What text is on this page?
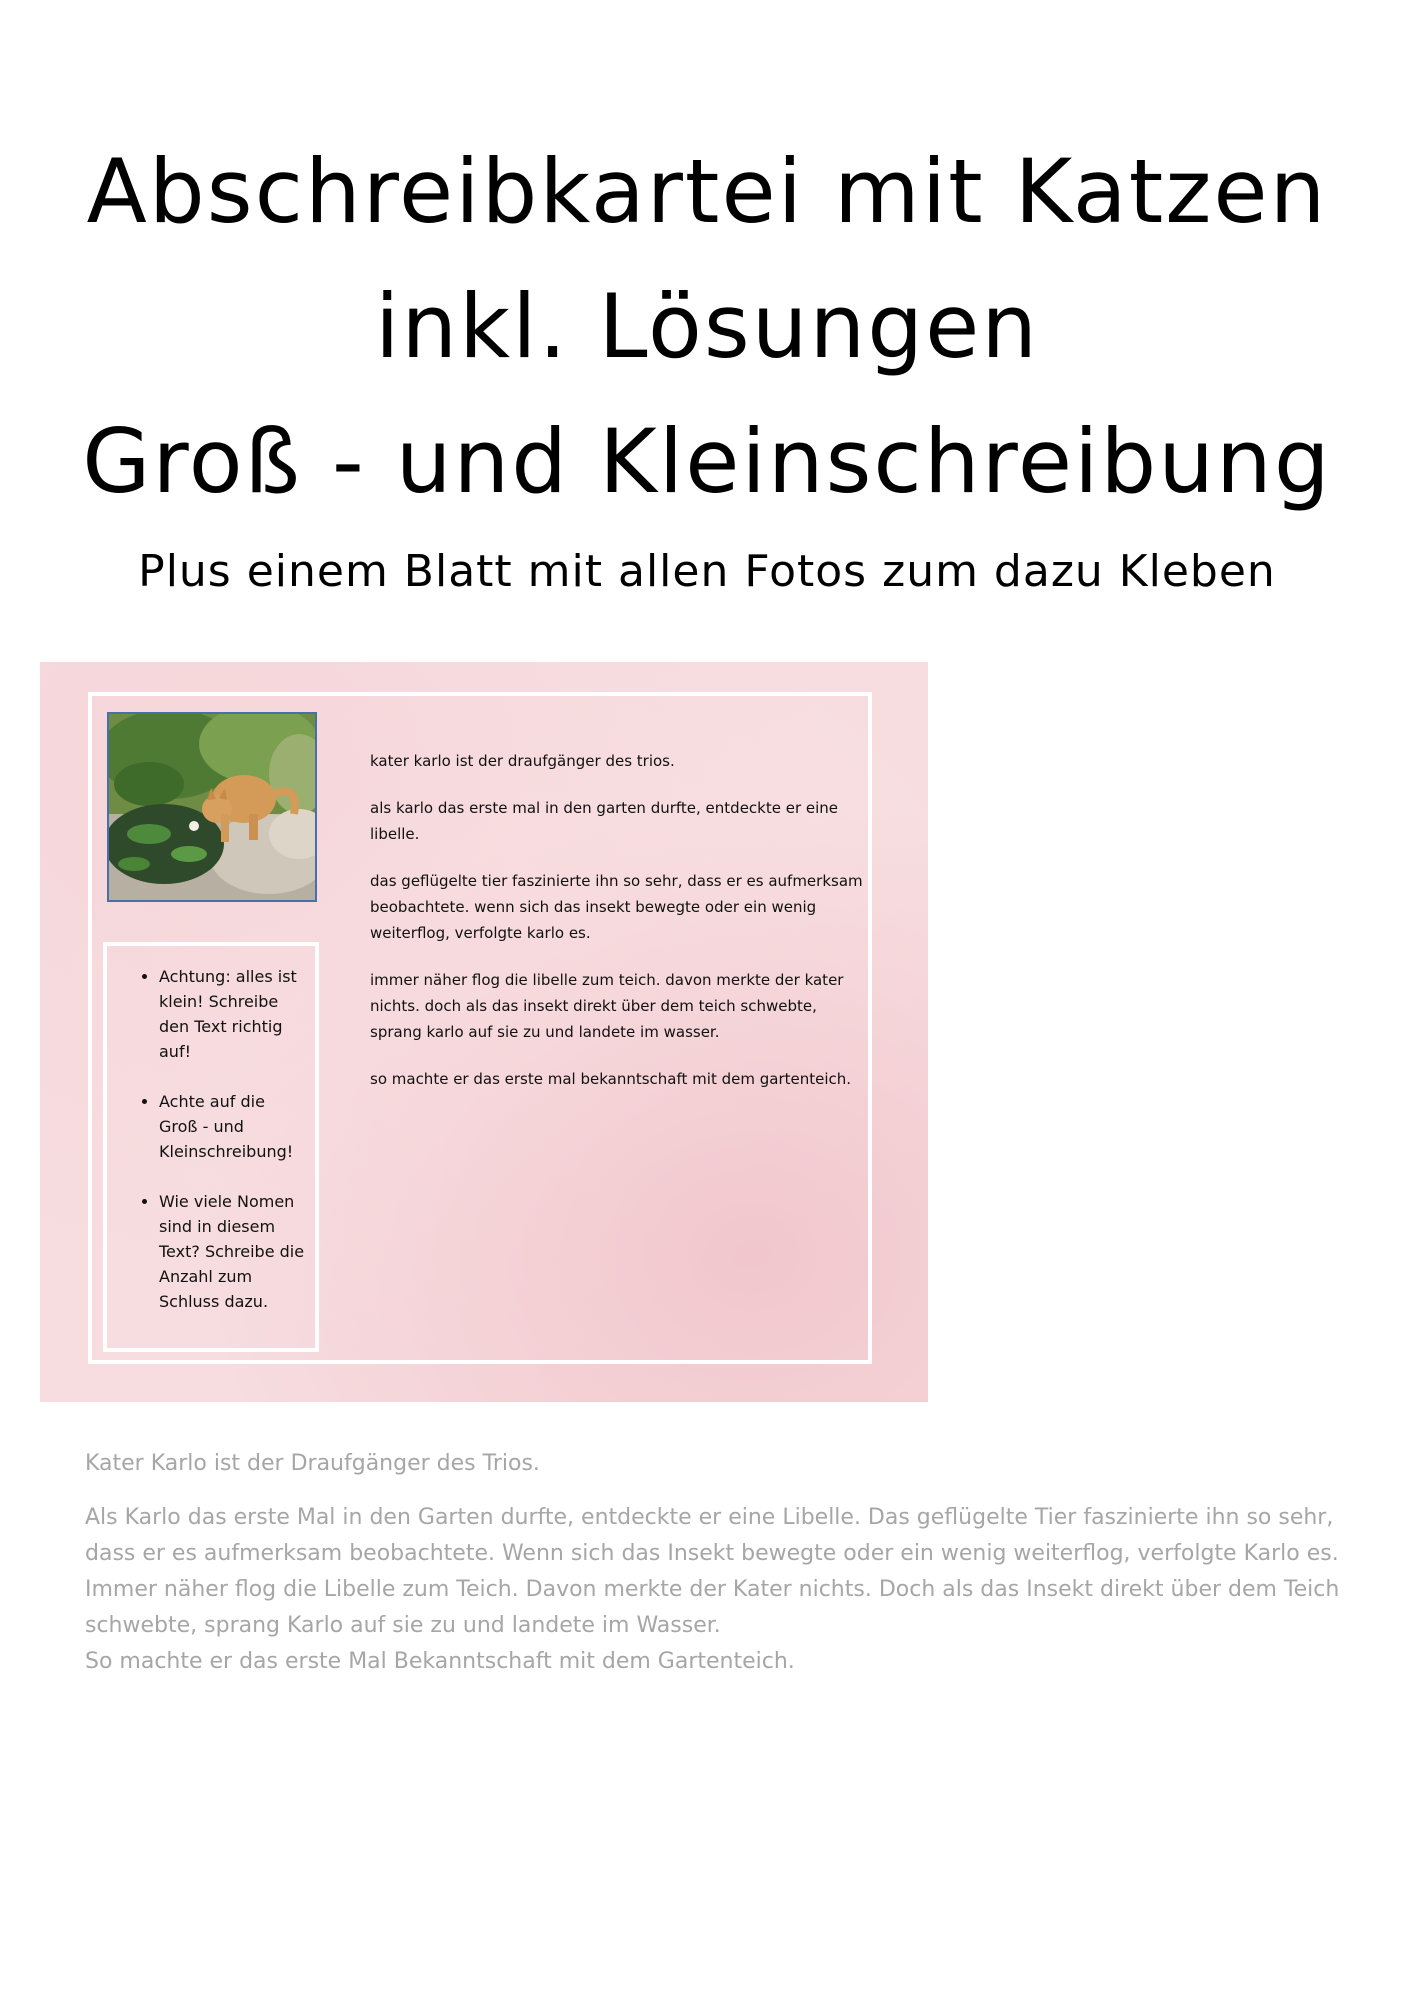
Abschreibkartei mit Katzen
inkl. Lösungen
Groß - und Kleinschreibung
Plus einem Blatt mit allen Fotos zum dazu Kleben
• Achtung: alles ist klein! Schreibe den Text richtig auf!
• Achte auf die Groß - und Kleinschreibung!
• Wie viele Nomen sind in diesem Text? Schreibe die Anzahl zum Schluss dazu.

kater karlo ist der draufgänger des trios.

als karlo das erste mal in den garten durfte, entdeckte er eine libelle.

das geflügelte tier faszinierte ihn so sehr, dass er es aufmerksam beobachtete. wenn sich das insekt bewegte oder ein wenig weiterflog, verfolgte karlo es.

immer näher flog die libelle zum teich. davon merkte der kater nichts. doch als das insekt direkt über dem teich schwebte, sprang karlo auf sie zu und landete im wasser.

so machte er das erste mal bekanntschaft mit dem gartenteich.

Kater Karlo ist der Draufgänger des Trios.

Als Karlo das erste Mal in den Garten durfte, entdeckte er eine Libelle. Das geflügelte Tier faszinierte ihn so sehr, dass er es aufmerksam beobachtete. Wenn sich das Insekt bewegte oder ein wenig weiterflog, verfolgte Karlo es.

Immer näher flog die Libelle zum Teich. Davon merkte der Kater nichts. Doch als das Insekt direkt über dem Teich schwebte, sprang Karlo auf sie zu und landete im Wasser.

So machte er das erste Mal Bekanntschaft mit dem Gartenteich.
